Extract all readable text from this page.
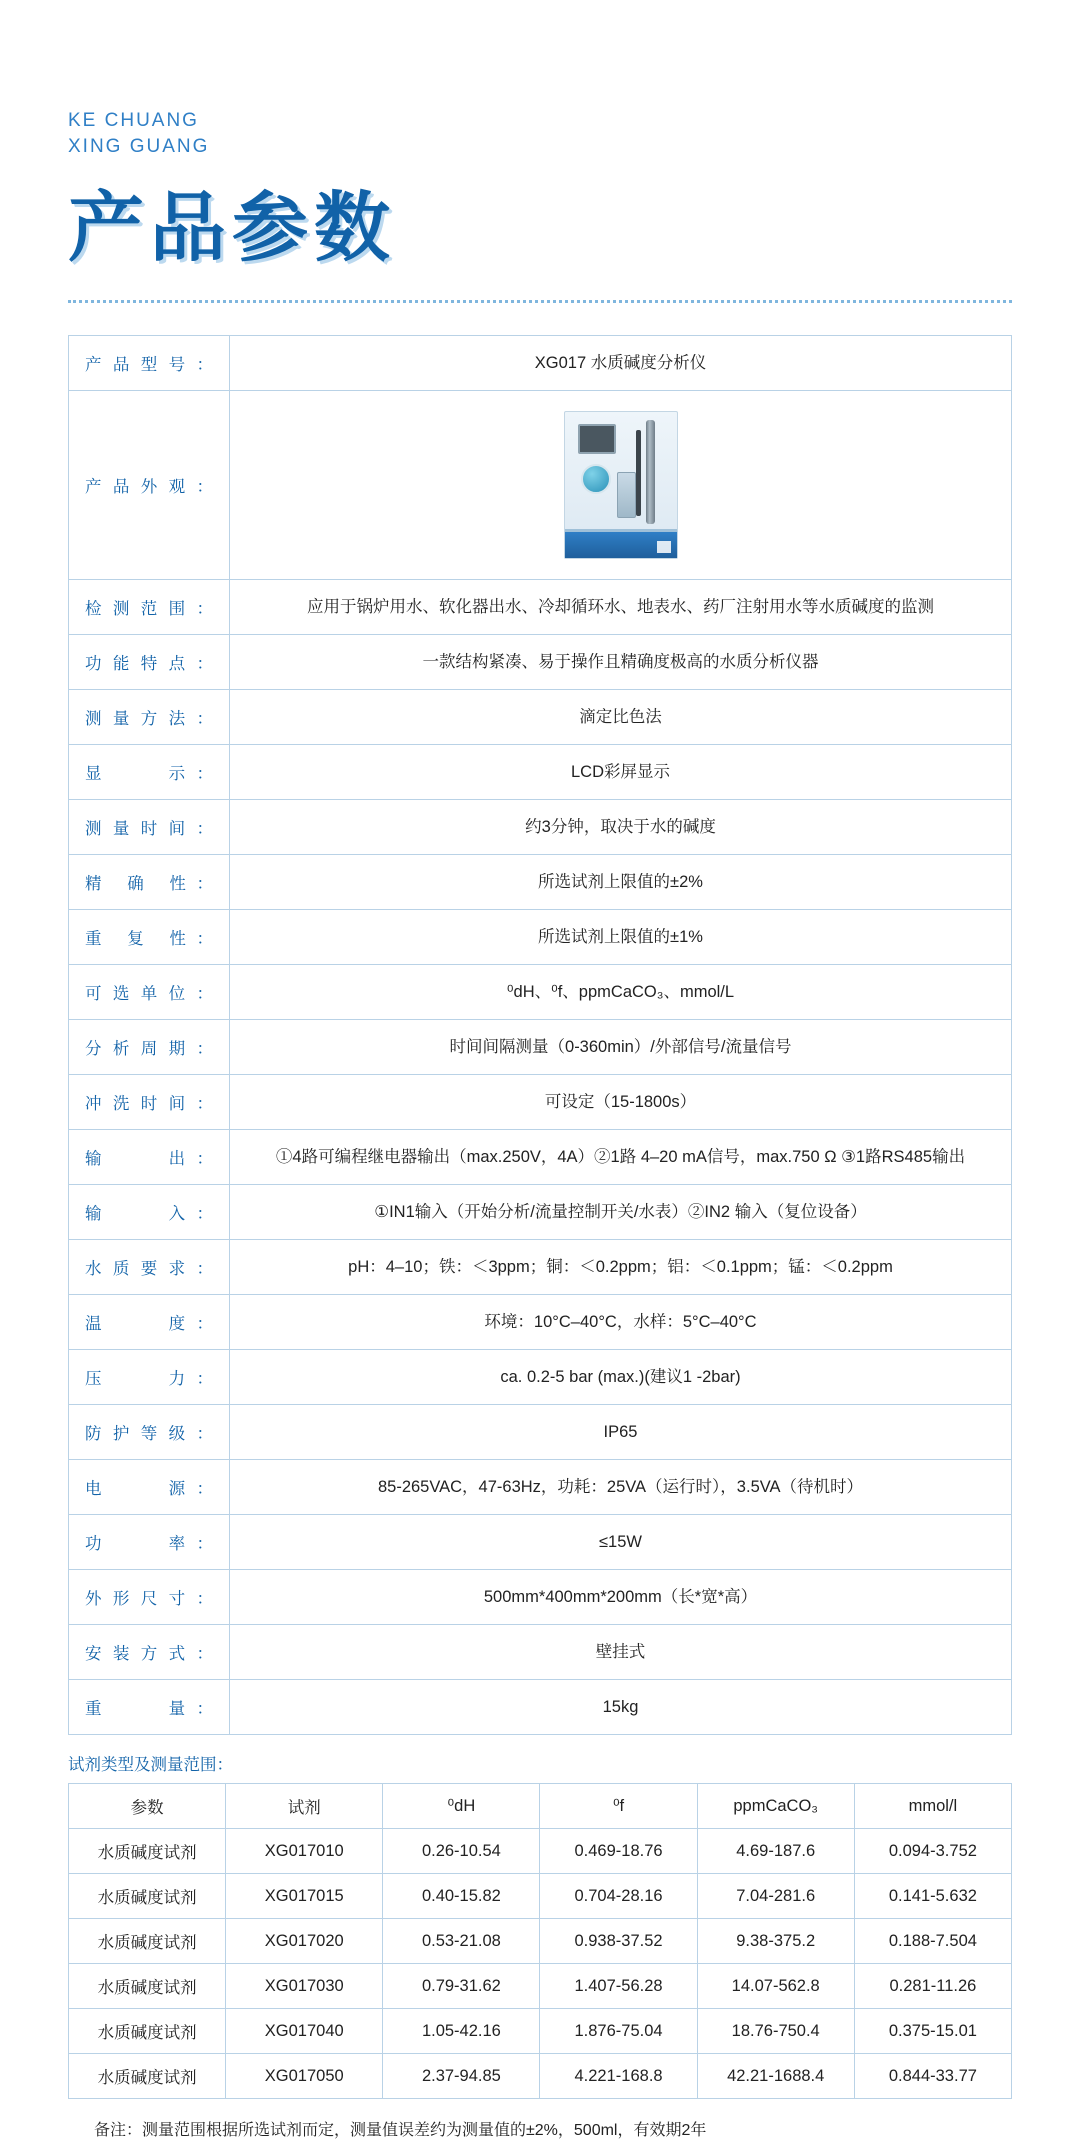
KE CHUANG
XING GUANG
产品参数
产品型号：	XG017 水质碱度分析仪
产品外观：	

检测范围：	应用于锅炉用水、软化器出水、冷却循环水、地表水、药厂注射用水等水质碱度的监测
功能特点：	一款结构紧凑、易于操作且精确度极高的水质分析仪器
测量方法：	滴定比色法
显　　示：	LCD彩屏显示
测量时间：	约3分钟，取决于水的碱度
精 确 性：	所选试剂上限值的±2%
重 复 性：	所选试剂上限值的±1%
可选单位：	⁰dH、⁰f、ppmCaCO₃、mmol/L
分析周期：	时间间隔测量（0-360min）/外部信号/流量信号
冲洗时间：	可设定（15-1800s）
输　　出：	①4路可编程继电器输出（max.250V，4A）②1路 4–20 mA信号，max.750 Ω ③1路RS485输出
输　　入：	①IN1输入（开始分析/流量控制开关/水表）②IN2 输入（复位设备）
水质要求：	pH：4–10；铁：＜3ppm；铜：＜0.2ppm；铝：＜0.1ppm；锰：＜0.2ppm
温　　度：	环境：10°C–40°C，水样：5°C–40°C
压　　力：	ca. 0.2-5 bar (max.)(建议1 -2bar)
防护等级：	IP65
电　　源：	85-265VAC，47-63Hz，功耗：25VA（运行时），3.5VA（待机时）
功　　率：	≤15W
外形尺寸：	500mm*400mm*200mm（长*宽*高）
安装方式：	壁挂式
重　　量：	15kg
试剂类型及测量范围：
参数	试剂	⁰dH	⁰f	ppmCaCO₃	mmol/l
水质碱度试剂	XG017010	0.26-10.54	0.469-18.76	4.69-187.6	0.094-3.752
水质碱度试剂	XG017015	0.40-15.82	0.704-28.16	7.04-281.6	0.141-5.632
水质碱度试剂	XG017020	0.53-21.08	0.938-37.52	9.38-375.2	0.188-7.504
水质碱度试剂	XG017030	0.79-31.62	1.407-56.28	14.07-562.8	0.281-11.26
水质碱度试剂	XG017040	1.05-42.16	1.876-75.04	18.76-750.4	0.375-15.01
水质碱度试剂	XG017050	2.37-94.85	4.221-168.8	42.21-1688.4	0.844-33.77
备注：测量范围根据所选试剂而定，测量值误差约为测量值的±2%，500ml，有效期2年
